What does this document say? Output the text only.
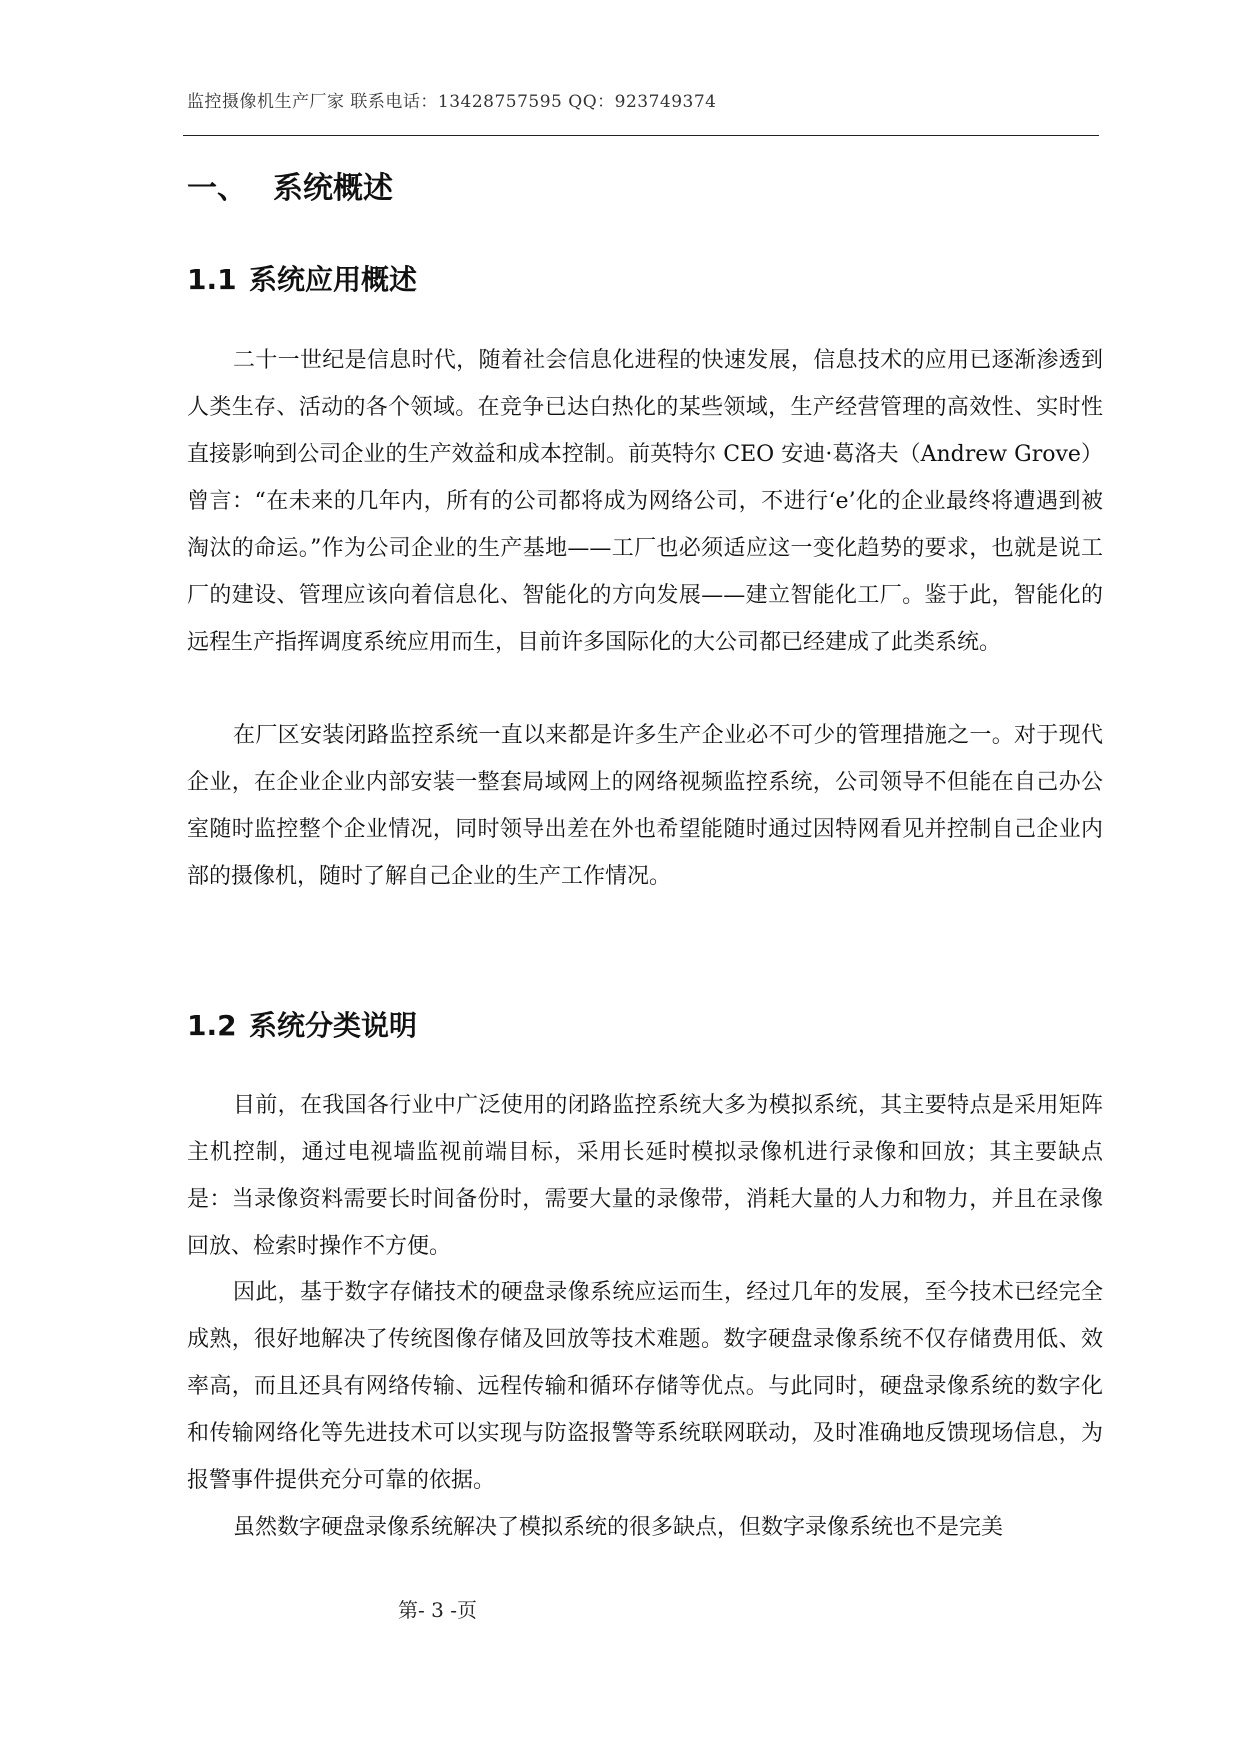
监控摄像机生产厂家 联系电话：13428757595 QQ：923749374
一、 系统概述
1.1 系统应用概述

二十一世纪是信息时代，随着社会信息化进程的快速发展，信息技术的应用已逐渐渗透到人类生存、活动的各个领域。在竞争已达白热化的某些领域，生产经营管理的高效性、实时性直接影响到公司企业的生产效益和成本控制。前英特尔 CEO 安迪·葛洛夫（Andrew Grove）曾言：“在未来的几年内，所有的公司都将成为网络公司，不进行‘e’化的企业最终将遭遇到被淘汰的命运。”作为公司企业的生产基地——工厂也必须适应这一变化趋势的要求，也就是说工厂的建设、管理应该向着信息化、智能化的方向发展——建立智能化工厂。鉴于此，智能化的远程生产指挥调度系统应用而生，目前许多国际化的大公司都已经建成了此类系统。

在厂区安装闭路监控系统一直以来都是许多生产企业必不可少的管理措施之一。对于现代企业，在企业企业内部安装一整套局域网上的网络视频监控系统，公司领导不但能在自己办公室随时监控整个企业情况，同时领导出差在外也希望能随时通过因特网看见并控制自己企业内部的摄像机，随时了解自己企业的生产工作情况。

1.2 系统分类说明

目前，在我国各行业中广泛使用的闭路监控系统大多为模拟系统，其主要特点是采用矩阵主机控制，通过电视墙监视前端目标，采用长延时模拟录像机进行录像和回放；其主要缺点是：当录像资料需要长时间备份时，需要大量的录像带，消耗大量的人力和物力，并且在录像回放、检索时操作不方便。

因此，基于数字存储技术的硬盘录像系统应运而生，经过几年的发展，至今技术已经完全成熟，很好地解决了传统图像存储及回放等技术难题。数字硬盘录像系统不仅存储费用低、效率高，而且还具有网络传输、远程传输和循环存储等优点。与此同时，硬盘录像系统的数字化和传输网络化等先进技术可以实现与防盗报警等系统联网联动，及时准确地反馈现场信息，为报警事件提供充分可靠的依据。

虽然数字硬盘录像系统解决了模拟系统的很多缺点，但数字录像系统也不是完美

第- 3 -页
